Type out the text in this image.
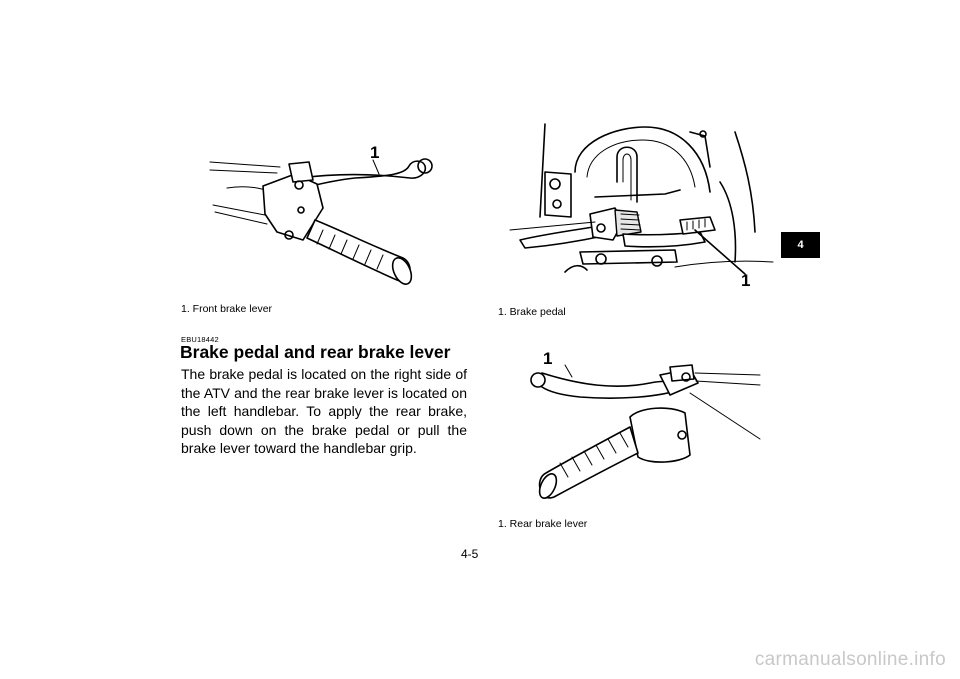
1
1. Front brake lever
EBU18442
Brake pedal and rear brake lever

The brake pedal is located on the right side of the ATV and the rear brake lever is located on the left handlebar. To apply the rear brake, push down on the brake pedal or pull the brake lever toward the handlebar grip.

1
1. Brake pedal
1
1. Rear brake lever
4-5
4
carmanualsonline.info
